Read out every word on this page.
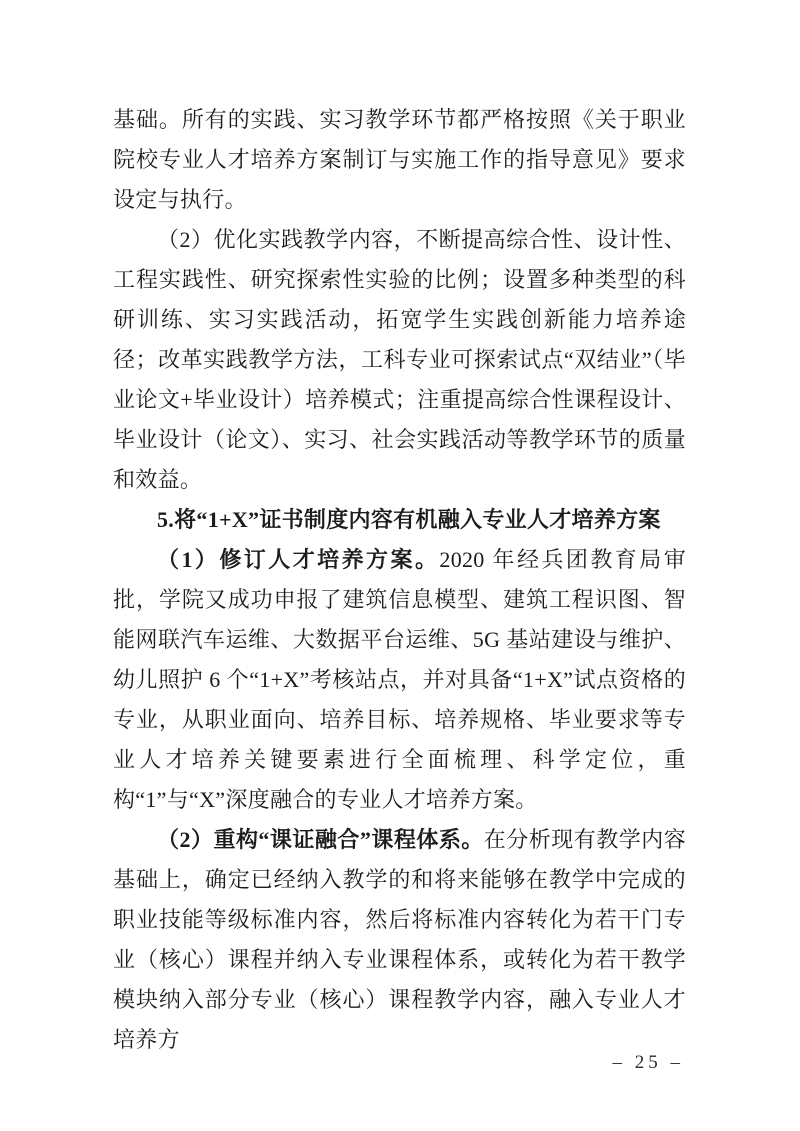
基础。所有的实践、实习教学环节都严格按照《关于职业院校专业人才培养方案制订与实施工作的指导意见》要求设定与执行。

（2）优化实践教学内容，不断提高综合性、设计性、工程实践性、研究探索性实验的比例；设置多种类型的科研训练、实习实践活动，拓宽学生实践创新能力培养途径；改革实践教学方法，工科专业可探索试点“双结业”（毕业论文+毕业设计）培养模式；注重提高综合性课程设计、毕业设计（论文）、实习、社会实践活动等教学环节的质量和效益。

5.将“1+X”证书制度内容有机融入专业人才培养方案

（1）修订人才培养方案。2020 年经兵团教育局审批，学院又成功申报了建筑信息模型、建筑工程识图、智能网联汽车运维、大数据平台运维、5G 基站建设与维护、幼儿照护 6 个“1+X”考核站点，并对具备“1+X”试点资格的专业，从职业面向、培养目标、培养规格、毕业要求等专业人才培养关键要素进行全面梳理、科学定位，重构“1”与“X”深度融合的专业人才培养方案。

（2）重构“课证融合”课程体系。在分析现有教学内容基础上，确定已经纳入教学的和将来能够在教学中完成的职业技能等级标准内容，然后将标准内容转化为若干门专业（核心）课程并纳入专业课程体系，或转化为若干教学模块纳入部分专业（核心）课程教学内容，融入专业人才培养方

– 25 –
